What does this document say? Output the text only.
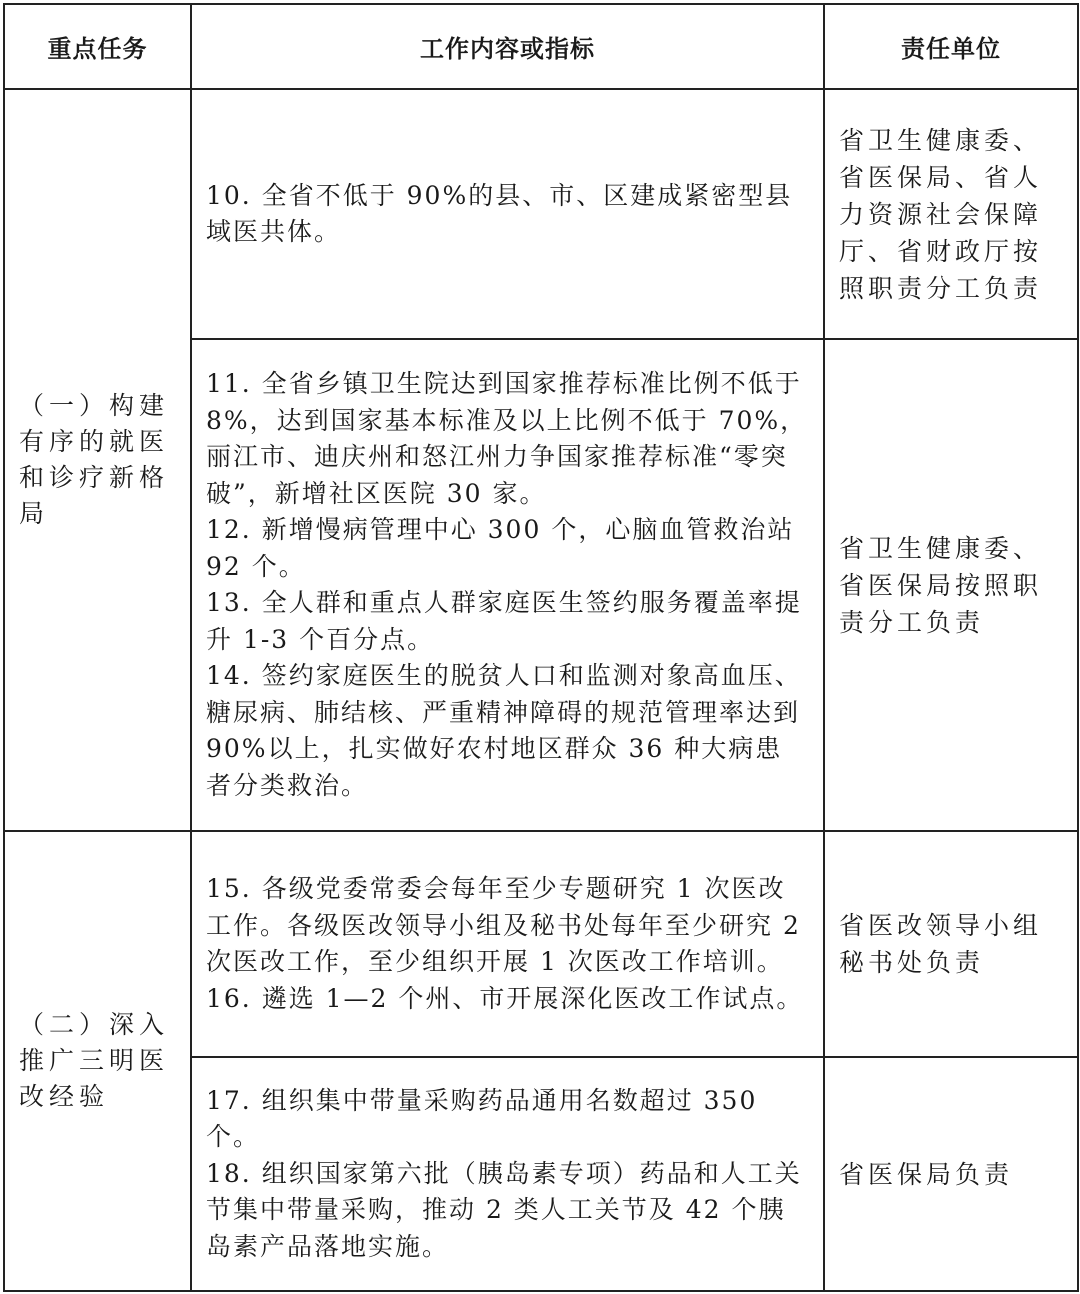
重点任务	工作内容或指标	责任单位
（一）构建有序的就医和诊疗新格局	10. 全省不低于 90%的县、市、区建成紧密型县域医共体。	省卫生健康委、省医保局、省人力资源社会保障厅、省财政厅按照职责分工负责

	11. 全省乡镇卫生院达到国家推荐标准比例不低于 8%，达到国家基本标准及以上比例不低于 70%，丽江市、迪庆州和怒江州力争国家推荐标准“零突破”，新增社区医院 30 家。
12. 新增慢病管理中心 300 个，心脑血管救治站 92 个。
13. 全人群和重点人群家庭医生签约服务覆盖率提升 1-3 个百分点。
14. 签约家庭医生的脱贫人口和监测对象高血压、糖尿病、肺结核、严重精神障碍的规范管理率达到 90%以上，扎实做好农村地区群众 36 种大病患者分类救治。	省卫生健康委、省医保局按照职责分工负责
（二）深入推广三明医改经验	15. 各级党委常委会每年至少专题研究 1 次医改工作。各级医改领导小组及秘书处每年至少研究 2 次医改工作，至少组织开展 1 次医改工作培训。
16. 遴选 1—2 个州、市开展深化医改工作试点。	省医改领导小组秘书处负责

	17. 组织集中带量采购药品通用名数超过 350 个。
18. 组织国家第六批（胰岛素专项）药品和人工关节集中带量采购，推动 2 类人工关节及 42 个胰岛素产品落地实施。	省医保局负责
